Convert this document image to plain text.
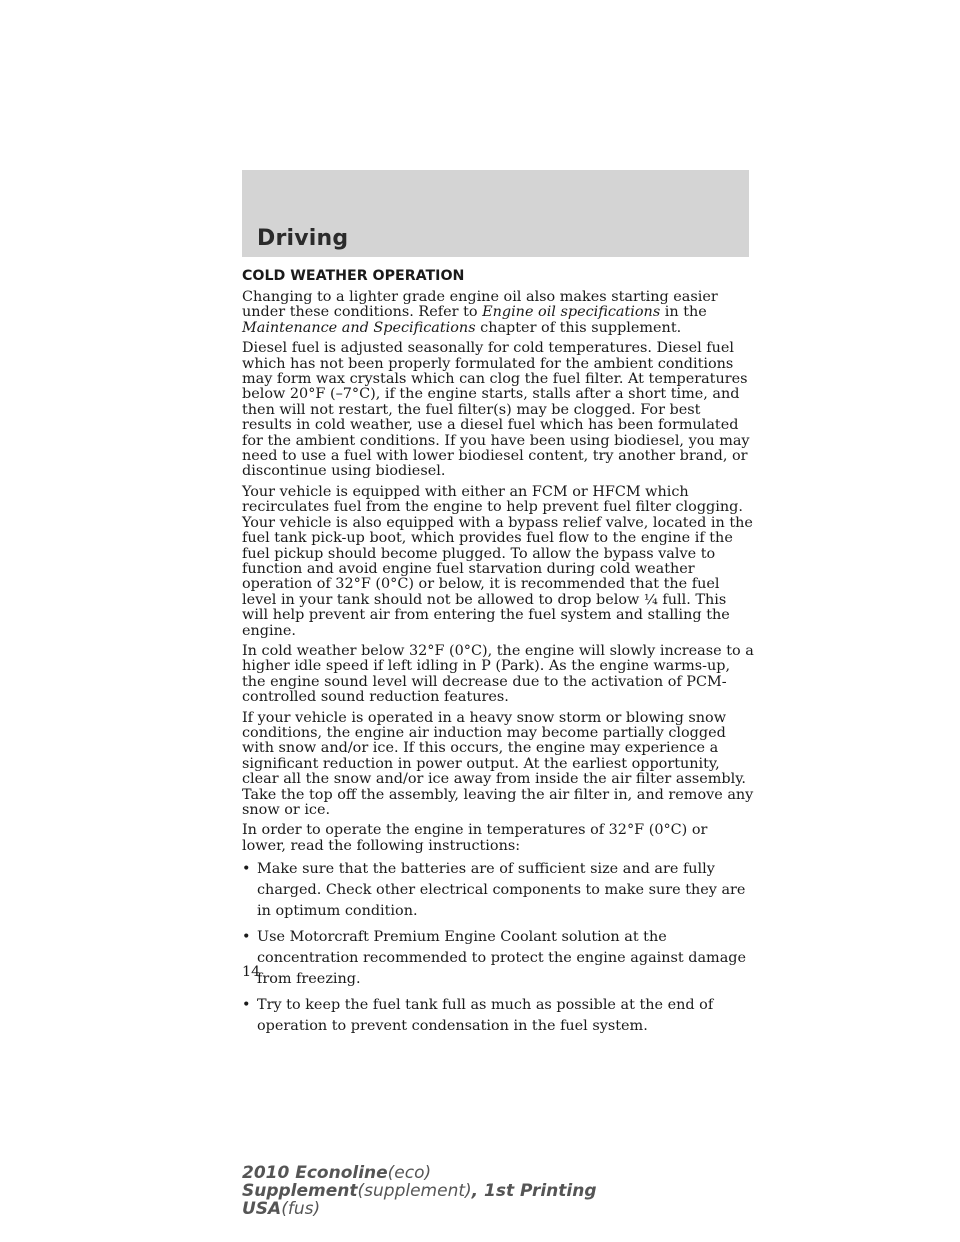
Driving
COLD WEATHER OPERATION

Changing to a lighter grade engine oil also makes starting easier under these conditions. Refer to Engine oil specifications in the Maintenance and Specifications chapter of this supplement.

Diesel fuel is adjusted seasonally for cold temperatures. Diesel fuel which has not been properly formulated for the ambient conditions may form wax crystals which can clog the fuel filter. At temperatures below 20°F (–7°C), if the engine starts, stalls after a short time, and then will not restart, the fuel filter(s) may be clogged. For best results in cold weather, use a diesel fuel which has been formulated for the ambient conditions. If you have been using biodiesel, you may need to use a fuel with lower biodiesel content, try another brand, or discontinue using biodiesel.

Your vehicle is equipped with either an FCM or HFCM which recirculates fuel from the engine to help prevent fuel filter clogging. Your vehicle is also equipped with a bypass relief valve, located in the fuel tank pick-up boot, which provides fuel flow to the engine if the fuel pickup should become plugged. To allow the bypass valve to function and avoid engine fuel starvation during cold weather operation of 32°F (0°C) or below, it is recommended that the fuel level in your tank should not be allowed to drop below ¼ full. This will help prevent air from entering the fuel system and stalling the engine.

In cold weather below 32°F (0°C), the engine will slowly increase to a higher idle speed if left idling in P (Park). As the engine warms-up, the engine sound level will decrease due to the activation of PCM-controlled sound reduction features.

If your vehicle is operated in a heavy snow storm or blowing snow conditions, the engine air induction may become partially clogged with snow and/or ice. If this occurs, the engine may experience a significant reduction in power output. At the earliest opportunity, clear all the snow and/or ice away from inside the air filter assembly. Take the top off the assembly, leaving the air filter in, and remove any snow or ice.

In order to operate the engine in temperatures of 32°F (0°C) or lower, read the following instructions:

• Make sure that the batteries are of sufficient size and are fully charged. Check other electrical components to make sure they are in optimum condition.
• Use Motorcraft Premium Engine Coolant solution at the concentration recommended to protect the engine against damage from freezing.
• Try to keep the fuel tank full as much as possible at the end of operation to prevent condensation in the fuel system.
14
2010 Econoline(eco)
Supplement(supplement), 1st Printing
USA(fus)
